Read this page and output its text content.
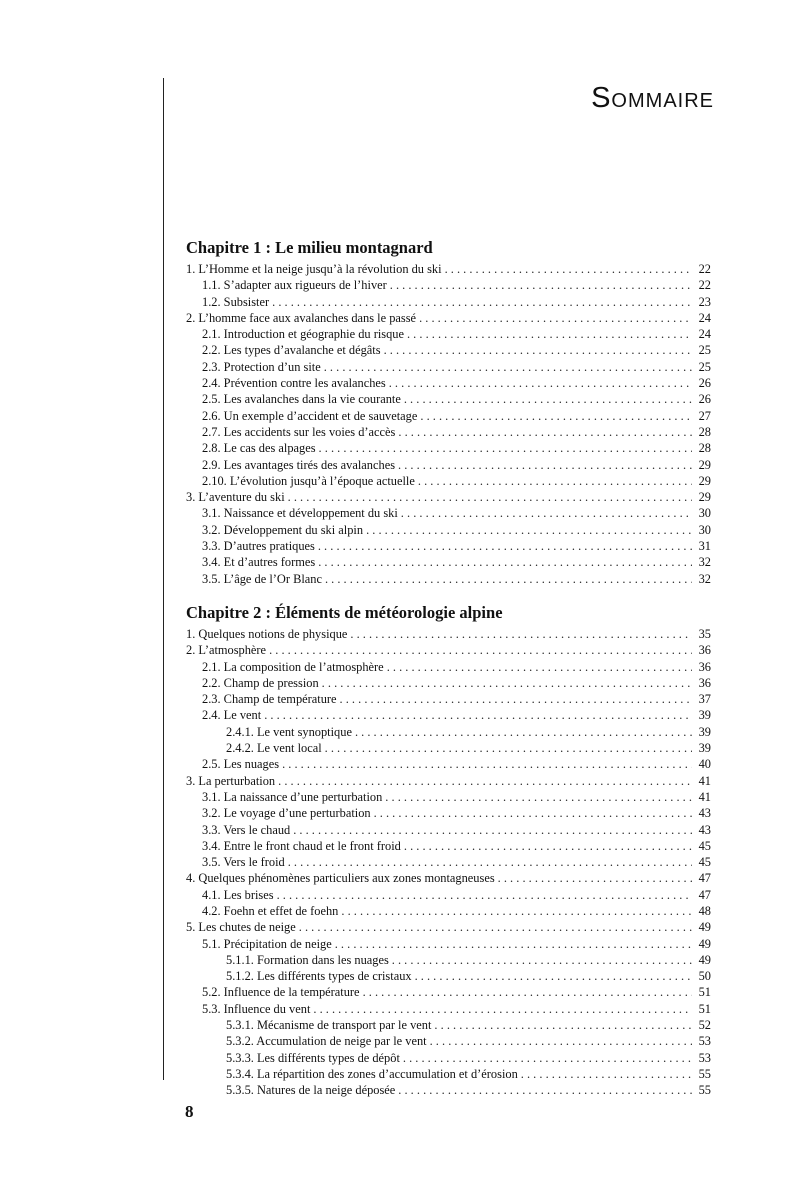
Sommaire
Chapitre 1 : Le milieu montagnard
1. L’Homme et la neige jusqu’à la révolution du ski . . .	22
1.1. S’adapter aux rigueurs de l’hiver . . .	22
1.2. Subsister . . .	23
2. L’homme face aux avalanches dans le passé . . .	24
2.1. Introduction et géographie du risque . . .	24
2.2. Les types d’avalanche et dégâts . . .	25
2.3. Protection d’un site . . .	25
2.4. Prévention contre les avalanches . . .	26
2.5. Les avalanches dans la vie courante . . .	26
2.6. Un exemple d’accident et de sauvetage . . .	27
2.7. Les accidents sur les voies d’accès . . .	28
2.8. Le cas des alpages . . .	28
2.9. Les avantages tirés des avalanches . . .	29
2.10. L’évolution jusqu’à l’époque actuelle . . .	29
3. L’aventure du ski . . .	29
3.1. Naissance et développement du ski . . .	30
3.2. Développement du ski alpin . . .	30
3.3. D’autres pratiques . . .	31
3.4. Et d’autres formes . . .	32
3.5. L’âge de l’Or Blanc . . .	32
Chapitre 2 : Éléments de météorologie alpine
1. Quelques notions de physique . . .	35
2. L’atmosphère . . .	36
2.1. La composition de l’atmosphère . . .	36
2.2. Champ de pression . . .	36
2.3. Champ de température . . .	37
2.4. Le vent . . .	39
2.4.1. Le vent synoptique . . .	39
2.4.2. Le vent local . . .	39
2.5. Les nuages . . .	40
3. La perturbation . . .	41
3.1. La naissance d’une perturbation . . .	41
3.2. Le voyage d’une perturbation . . .	43
3.3. Vers le chaud . . .	43
3.4. Entre le front chaud et le front froid . . .	45
3.5. Vers le froid . . .	45
4. Quelques phénomènes particuliers aux zones montagneuses . . .	47
4.1. Les brises . . .	47
4.2. Foehn et effet de foehn . . .	48
5. Les chutes de neige . . .	49
5.1. Précipitation de neige . . .	49
5.1.1. Formation dans les nuages . . .	49
5.1.2. Les différents types de cristaux . . .	50
5.2. Influence de la température . . .	51
5.3. Influence du vent . . .	51
5.3.1. Mécanisme de transport par le vent . . .	52
5.3.2. Accumulation de neige par le vent . . .	53
5.3.3. Les différents types de dépôt . . .	53
5.3.4. La répartition des zones d’accumulation et d’érosion . . .	55
5.3.5. Natures de la neige déposée . . .	55
8
